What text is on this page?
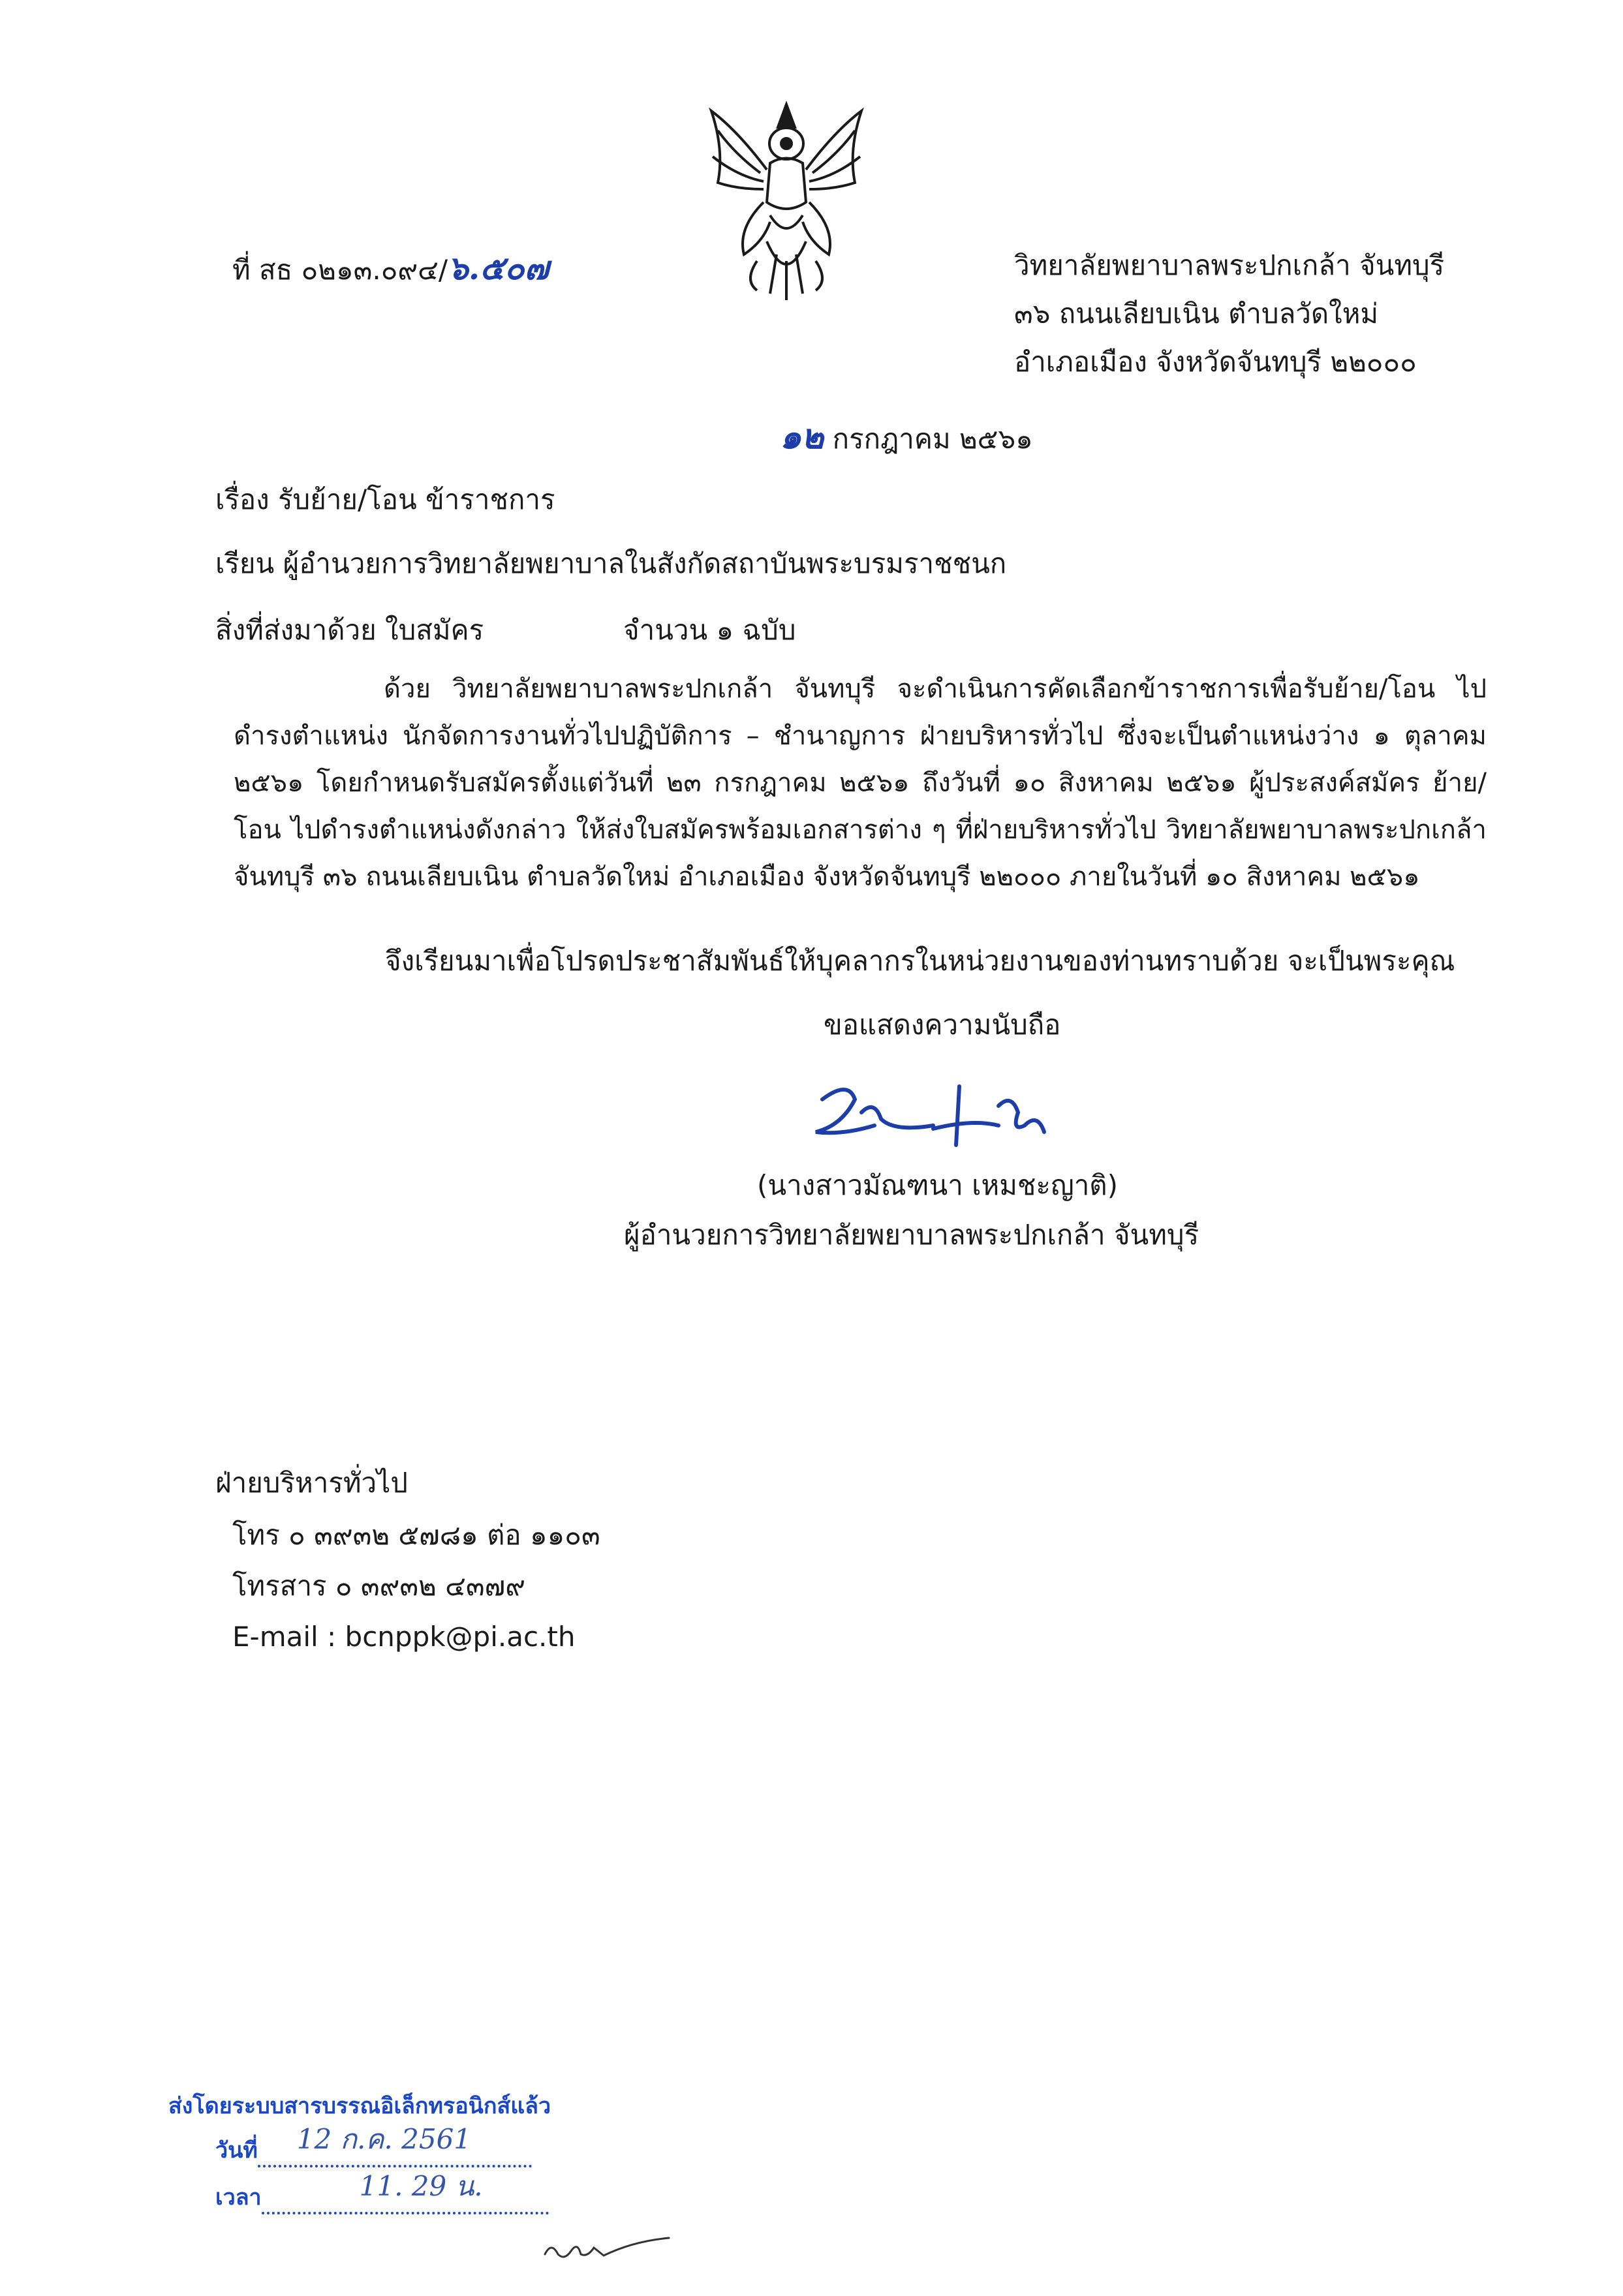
ที่ สธ ๐๒๑๓.๐๙๔/๖.๕๐๗	วิทยาลัยพยาบาลพระปกเกล้า จันทบุรี
๓๖ ถนนเลียบเนิน ตำบลวัดใหม่
อำเภอเมือง จังหวัดจันทบุรี ๒๒๐๐๐
๑๒ กรกฎาคม ๒๕๖๑
เรื่อง รับย้าย/โอน ข้าราชการ
เรียน ผู้อำนวยการวิทยาลัยพยาบาลในสังกัดสถาบันพระบรมราชชนก
สิ่งที่ส่งมาด้วย ใบสมัคร	จำนวน ๑ ฉบับ
ด้วย วิทยาลัยพยาบาลพระปกเกล้า จันทบุรี จะดำเนินการคัดเลือกข้าราชการเพื่อรับย้าย/โอน ไปดำรงตำแหน่ง นักจัดการงานทั่วไปปฏิบัติการ – ชำนาญการ ฝ่ายบริหารทั่วไป ซึ่งจะเป็นตำแหน่งว่าง ๑ ตุลาคม ๒๕๖๑ โดยกำหนดรับสมัครตั้งแต่วันที่ ๒๓ กรกฎาคม ๒๕๖๑ ถึงวันที่ ๑๐ สิงหาคม ๒๕๖๑ ผู้ประสงค์สมัคร ย้าย/โอน ไปดำรงตำแหน่งดังกล่าว ให้ส่งใบสมัครพร้อมเอกสารต่าง ๆ ที่ฝ่ายบริหารทั่วไป วิทยาลัยพยาบาลพระปกเกล้า จันทบุรี ๓๖ ถนนเลียบเนิน ตำบลวัดใหม่ อำเภอเมือง จังหวัดจันทบุรี ๒๒๐๐๐ ภายในวันที่ ๑๐ สิงหาคม ๒๕๖๑
จึงเรียนมาเพื่อโปรดประชาสัมพันธ์ให้บุคลากรในหน่วยงานของท่านทราบด้วย จะเป็นพระคุณ
ขอแสดงความนับถือ
(นางสาวมัณฑนา เหมชะญาติ)
ผู้อำนวยการวิทยาลัยพยาบาลพระปกเกล้า จันทบุรี
ฝ่ายบริหารทั่วไป
โทร ๐ ๓๙๓๒ ๕๗๘๑ ต่อ ๑๑๐๓
โทรสาร ๐ ๓๙๓๒ ๔๓๗๙
E-mail : bcnppk@pi.ac.th
ส่งโดยระบบสารบรรณอิเล็กทรอนิกส์แล้ว
วันที่ 12 ก.ค. 2561
เวลา	11. 29 น.
